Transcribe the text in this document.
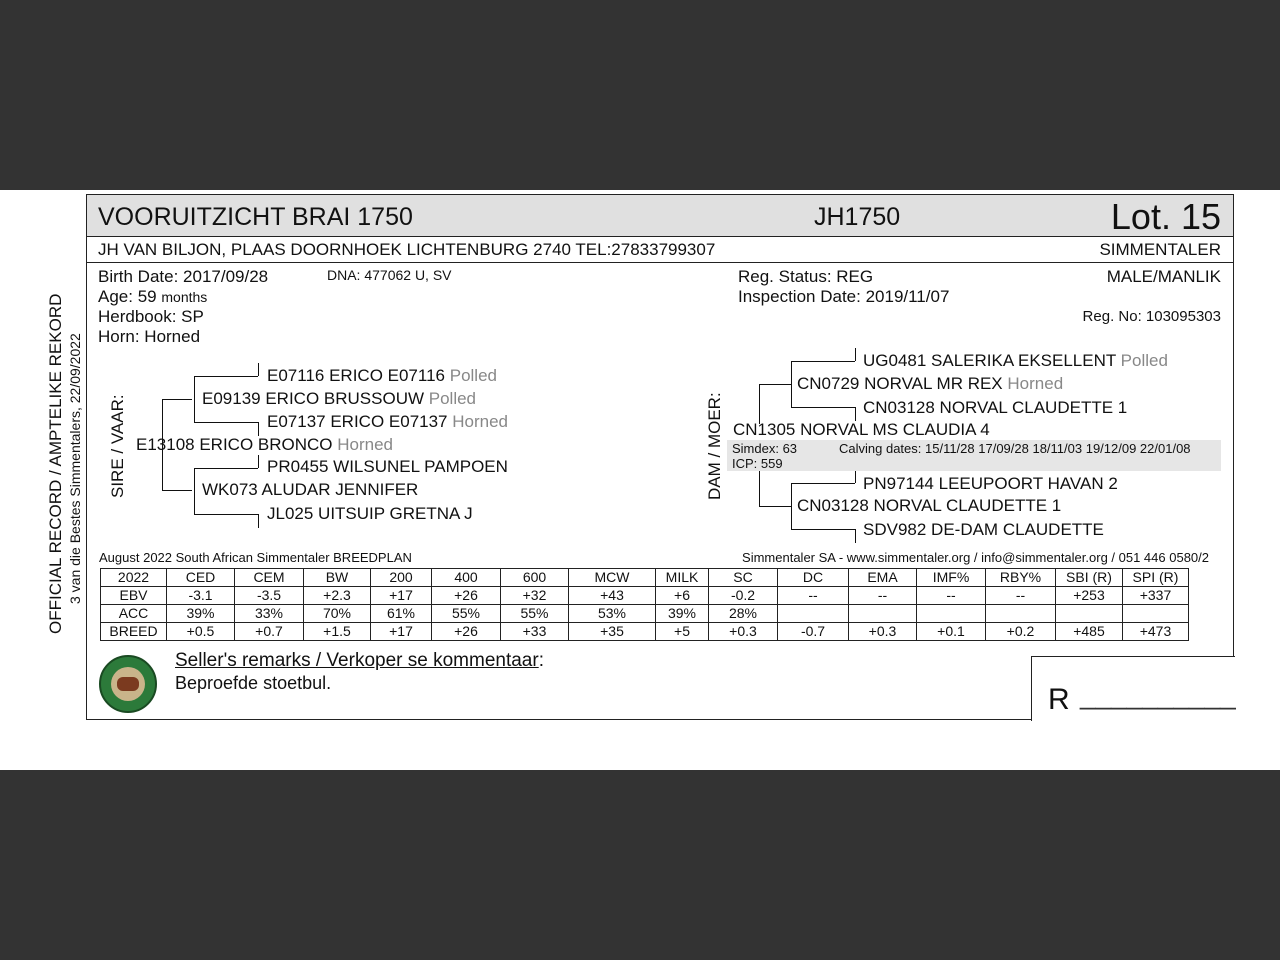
OFFICIAL RECORD / AMPTELIKE REKORD 3 van die Bestes Simmentalers, 22/09/2022
VOORUITZICHT BRAI 1750	JH1750	Lot. 15
JH VAN BILJON, PLAAS DOORNHOEK LICHTENBURG 2740 TEL:27833799307	SIMMENTALER
Birth Date: 2017/09/28	DNA: 477062 U, SV
Age: 59 months
Herdbook: SP
Horn: Horned
Reg. Status: REG
Inspection Date: 2019/11/07
MALE/MANLIK
Reg. No: 103095303
SIRE / VAAR: E13108 ERICO BRONCO Horned
E09139 ERICO BRUSSOUW Polled
E07116 ERICO E07116 Polled
E07137 ERICO E07137 Horned
WK073 ALUDAR JENNIFER
PR0455 WILSUNEL PAMPOEN
JL025 UITSUIP GRETNA J
DAM / MOER: CN1305 NORVAL MS CLAUDIA 4
Simdex: 63
ICP: 559
Calving dates: 15/11/28 17/09/28 18/11/03 19/12/09 22/01/08
CN0729 NORVAL MR REX Horned
UG0481 SALERIKA EKSELLENT Polled
CN03128 NORVAL CLAUDETTE 1
CN03128 NORVAL CLAUDETTE 1
PN97144 LEEUPOORT HAVAN 2
SDV982 DE-DAM CLAUDETTE
August 2022 South African Simmentaler BREEDPLAN	Simmentaler SA - www.simmentaler.org / info@simmentaler.org / 051 446 0580/2
2022	CED	CEM	BW	200	400	600	MCW	MILK	SC	DC	EMA	IMF%	RBY%	SBI (R)	SPI (R)
EBV	-3.1	-3.5	+2.3	+17	+26	+32	+43	+6	-0.2	--	--	--	--	+253	+337
ACC	39%	33%	70%	61%	55%	55%	53%	39%	28%						
BREED	+0.5	+0.7	+1.5	+17	+26	+33	+35	+5	+0.3	-0.7	+0.3	+0.1	+0.2	+485	+473
Seller's remarks / Verkoper se kommentaar:
Beproefde stoetbul.	R __________
